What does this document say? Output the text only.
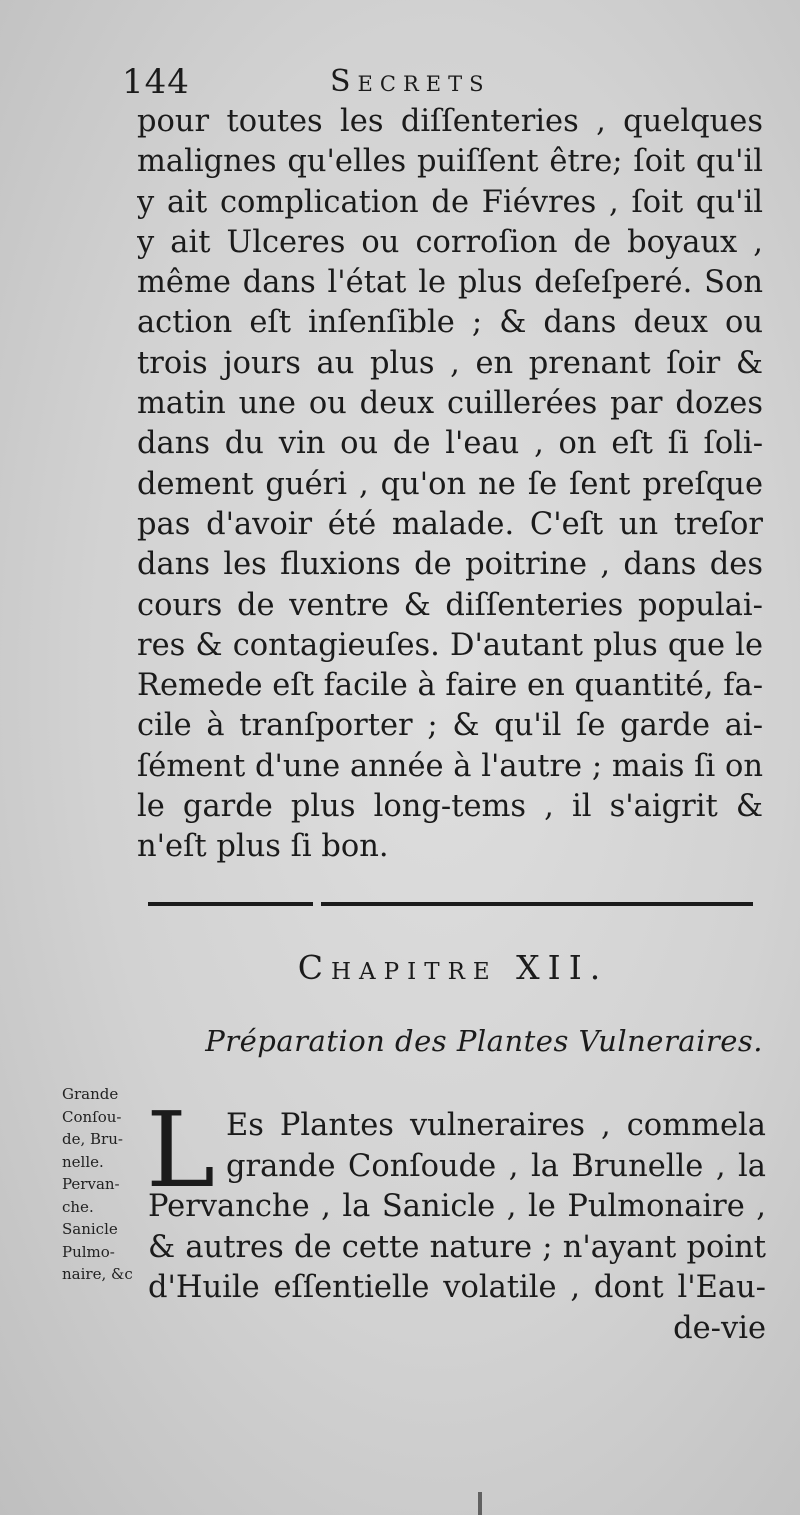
144	Secrets
pour toutes les diſſenteries , quelques
malignes qu'elles puiſſent être; ſoit qu'il
y ait complication de Fiévres , ſoit qu'il
y ait Ulceres ou corroſion de boyaux ,
même dans l'état le plus deſeſperé. Son
action eſt inſenſible ; & dans deux ou
trois jours au plus , en prenant ſoir &
matin une ou deux cuillerées par dozes
dans du vin ou de l'eau , on eſt ſi ſoli-
dement guéri , qu'on ne ſe ſent preſque
pas d'avoir été malade. C'eſt un treſor
dans les fluxions de poitrine , dans des
cours de ventre & diſſenteries populai-
res & contagieuſes. D'autant plus que le
Remede eſt facile à faire en quantité, fa-
cile à tranſporter ; & qu'il ſe garde ai-
ſément d'une année à l'autre ; mais ſi on
le garde plus long-tems , il s'aigrit &
n'eſt plus ſi bon.
Chapitre XII.
Préparation des Plantes Vulneraires.
Grande
Conſou-
de, Bru-
nelle.
Pervan-
che.
Sanicle
Pulmo-
naire, &c
L Es Plantes vulneraires , commela
grande Conſoude , la Brunelle , la
Pervanche , la Sanicle , le Pulmonaire ,
& autres de cette nature ; n'ayant point
d'Huile eſſentielle volatile , dont l'Eau-
de-vie
